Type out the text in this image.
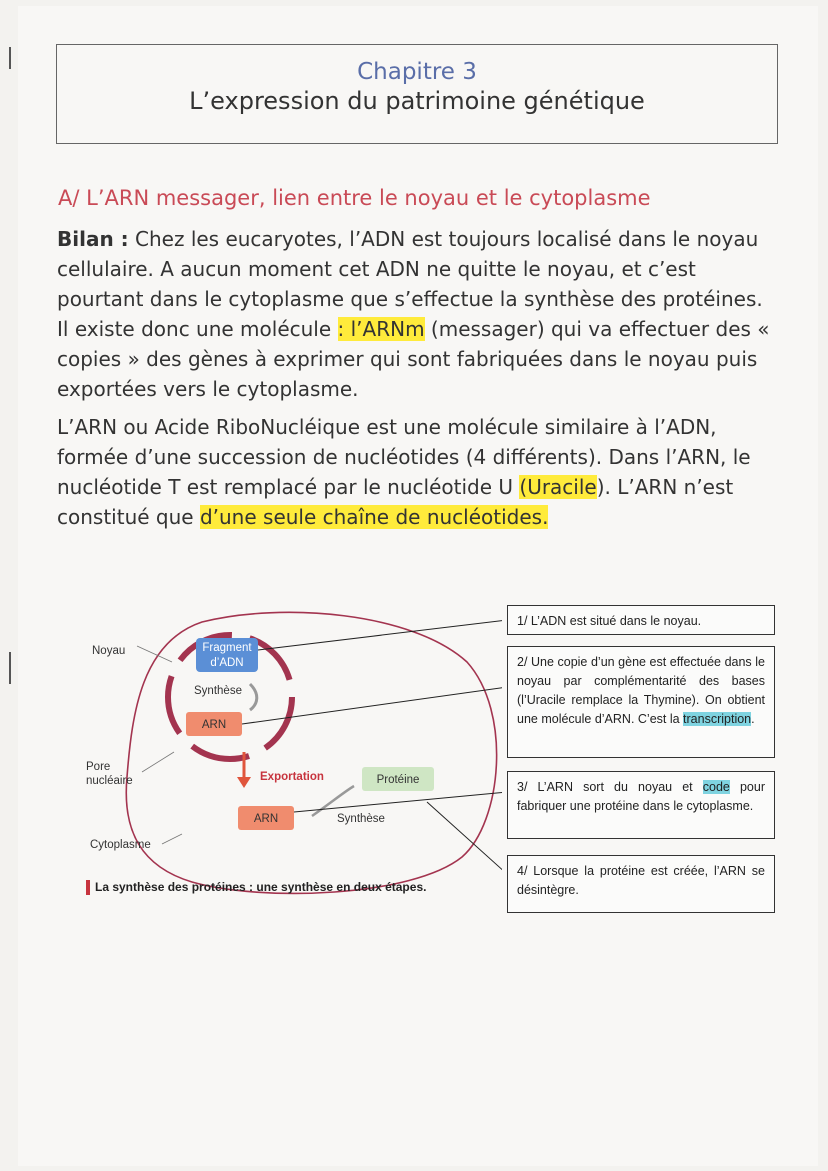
Chapitre 3
L’expression du patrimoine génétique
A/ L’ARN messager, lien entre le noyau et le cytoplasme
Bilan : Chez les eucaryotes, l’ADN est toujours localisé dans le noyau cellulaire. A aucun moment cet ADN ne quitte le noyau, et c’est pourtant dans le cytoplasme que s’effectue la synthèse des protéines. Il existe donc une molécule : l’ARNm (messager) qui va effectuer des « copies » des gènes à exprimer qui sont fabriquées dans le noyau puis exportées vers le cytoplasme.
L’ARN ou Acide RiboNucléique est une molécule similaire à l’ADN, formée d’une succession de nucléotides (4 différents). Dans l’ARN, le nucléotide T est remplacé par le nucléotide U (Uracile). L’ARN n’est constitué que d’une seule chaîne de nucléotides.
Fragment
d’ADN
Synthèse
ARN
Exportation	Protéine
ARN	Synthèse
Noyau
Pore
nucléaire
Cytoplasme
La synthèse des protéines : une synthèse en deux étapes.
1/ L’ADN est situé dans le noyau.
2/ Une copie d’un gène est effectuée dans le noyau par complémentarité des bases (l’Uracile remplace la Thymine). On obtient une molécule d’ARN. C’est la transcription.
3/ L’ARN sort du noyau et code pour fabriquer une protéine dans le cytoplasme.
4/ Lorsque la protéine est créée, l’ARN se désintègre.
